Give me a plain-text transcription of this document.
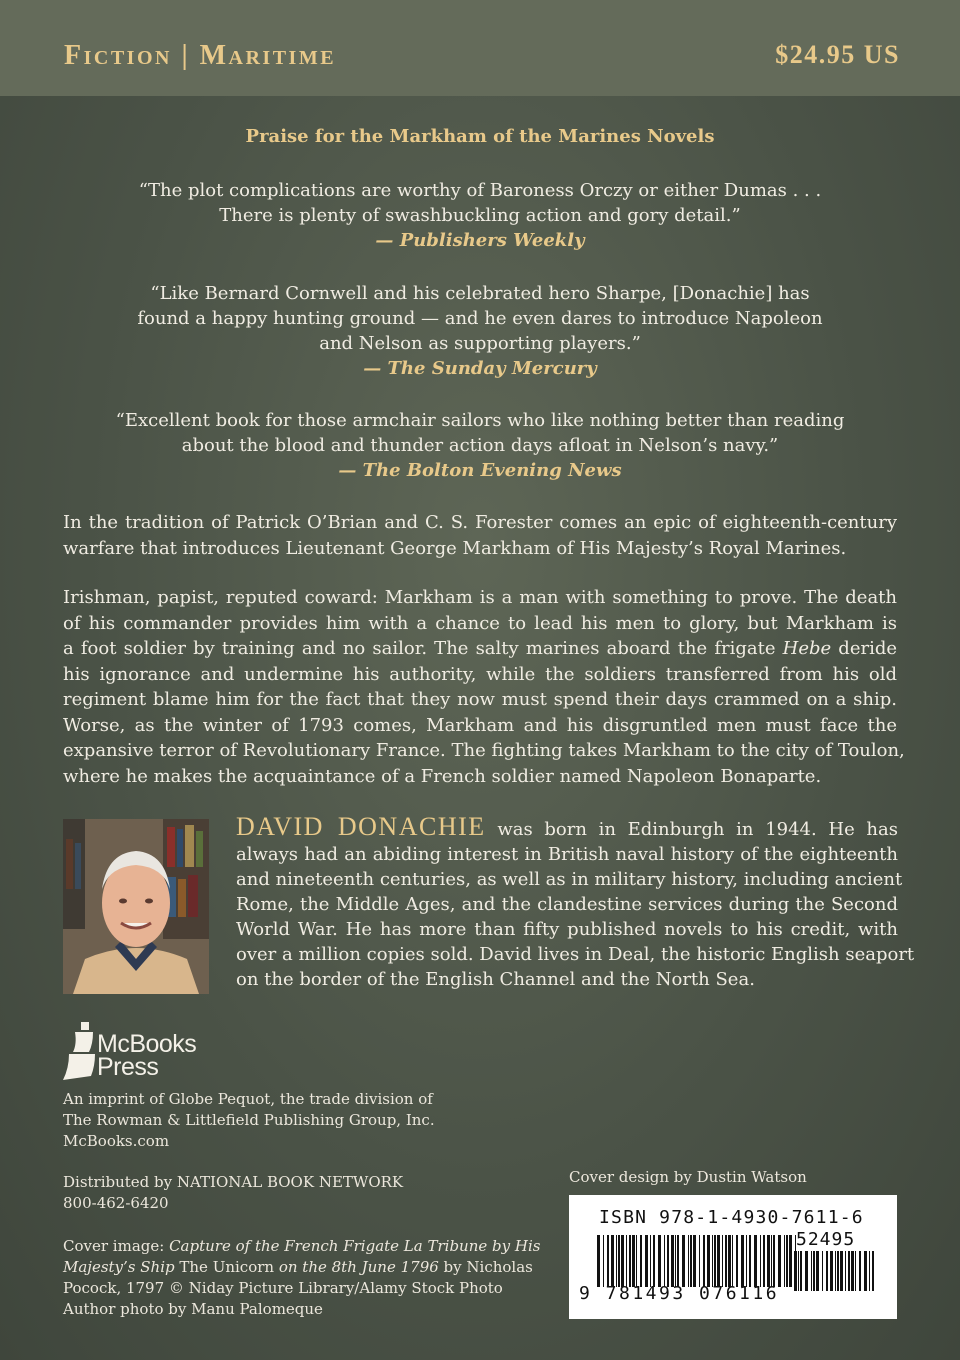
Fiction | Maritime	$24.95 US
Praise for the Markham of the Marines Novels
“The plot complications are worthy of Baroness Orczy or either Dumas . . .
There is plenty of swashbuckling action and gory detail.”
— Publishers Weekly
“Like Bernard Cornwell and his celebrated hero Sharpe, [Donachie] has
found a happy hunting ground — and he even dares to introduce Napoleon
and Nelson as supporting players.”
— The Sunday Mercury
“Excellent book for those armchair sailors who like nothing better than reading
about the blood and thunder action days afloat in Nelson’s navy.”
— The Bolton Evening News
In the tradition of Patrick O’Brian and C. S. Forester comes an epic of eighteenth-century
warfare that introduces Lieutenant George Markham of His Majesty’s Royal Marines.
Irishman, papist, reputed coward: Markham is a man with something to prove. The death
of his commander provides him with a chance to lead his men to glory, but Markham is
a foot soldier by training and no sailor. The salty marines aboard the frigate Hebe deride
his ignorance and undermine his authority, while the soldiers transferred from his old
regiment blame him for the fact that they now must spend their days crammed on a ship.
Worse, as the winter of 1793 comes, Markham and his disgruntled men must face the
expansive terror of Revolutionary France. The fighting takes Markham to the city of Toulon,
where he makes the acquaintance of a French soldier named Napoleon Bonaparte.
DAVID DONACHIE was born in Edinburgh in 1944. He has
always had an abiding interest in British naval history of the eighteenth
and nineteenth centuries, as well as in military history, including ancient
Rome, the Middle Ages, and the clandestine services during the Second
World War. He has more than fifty published novels to his credit, with
over a million copies sold. David lives in Deal, the historic English seaport
on the border of the English Channel and the North Sea.
McBooks
Press
An imprint of Globe Pequot, the trade division of
The Rowman & Littlefield Publishing Group, Inc.
McBooks.com
Distributed by NATIONAL BOOK NETWORK
800-462-6420
Cover image: Capture of the French Frigate La Tribune by His
Majesty’s Ship The Unicorn on the 8th June 1796 by Nicholas
Pocock, 1797 © Niday Picture Library/Alamy Stock Photo
Author photo by Manu Palomeque
Cover design by Dustin Watson
ISBN 978-1-4930-7611-6
52495
9 781493 076116
